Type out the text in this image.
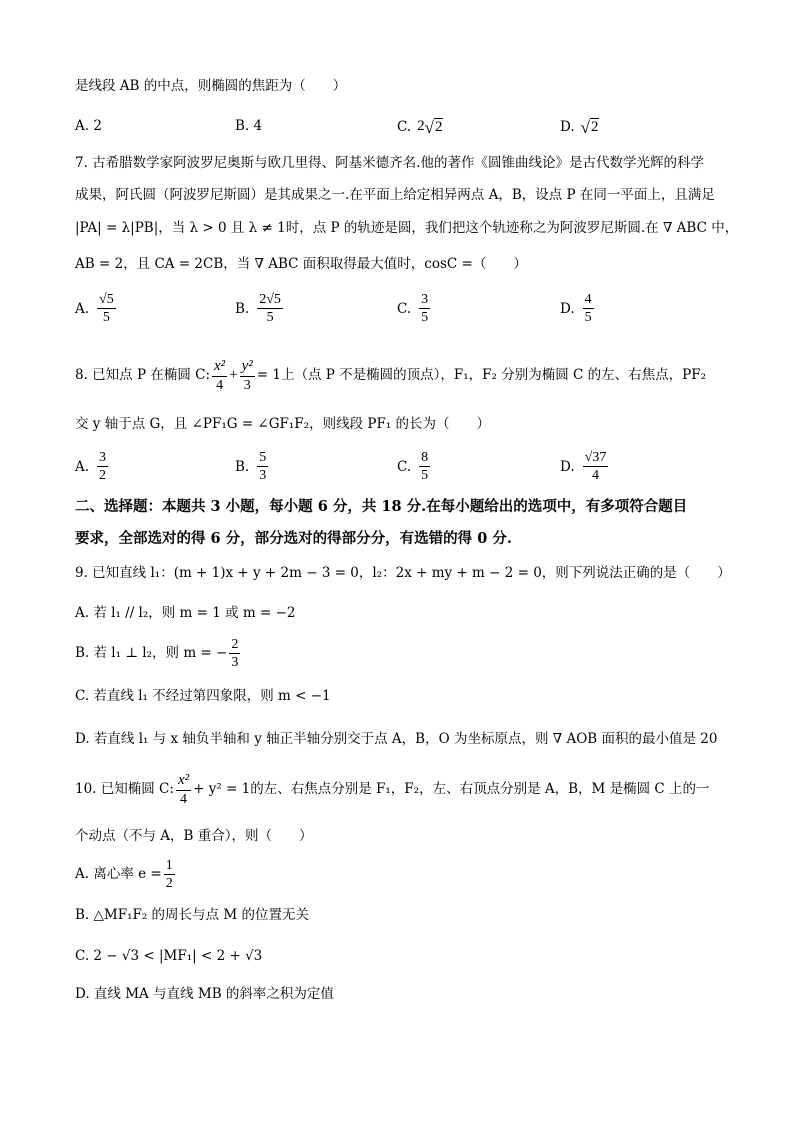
是线段 AB 的中点，则椭圆的焦距为（　　）
A. 2	B. 4	C. 2 √ 2	D. √ 2
7. 古希腊数学家阿波罗尼奥斯与欧几里得、阿基米德齐名.他的著作《圆锥曲线论》是古代数学光辉的科学
成果，阿氏圆（阿波罗尼斯圆）是其成果之一.在平面上给定相异两点 A，B，设点 P 在同一平面上，且满足
|PA| = λ|PB|，当 λ > 0 且 λ ≠ 1时，点 P 的轨迹是圆，我们把这个轨迹称之为阿波罗尼斯圆.在 ∇ ABC 中，
AB = 2，且 CA = 2CB，当 ∇ ABC 面积取得最大值时，cosC =（　　）
A. $\frac{√5}{5}$	B. $\frac{2√5}{5}$	C. $\frac{3}{5}$	D. $\frac{4}{5}$
8. 已知点 P 在椭圆 C: $\frac{\text{x²}}{4} + \frac{\text{y²}}{3} = 1$上（点 P 不是椭圆的顶点），F₁，F₂ 分别为椭圆 C 的左、右焦点，PF₂
交 y 轴于点 G，且 ∠PF₁G = ∠GF₁F₂，则线段 PF₁ 的长为（　　）
A. $\frac{3}{2}$	B. $\frac{5}{3}$	C. $\frac{8}{5}$	D. $\frac{√37}{4}$
二、选择题：本题共 3 小题，每小题 6 分，共 18 分.在每小题给出的选项中，有多项符合题目
要求，全部选对的得 6 分，部分选对的得部分分，有选错的得 0 分.
9. 已知直线 l₁：(m + 1)x + y + 2m − 3 = 0，l₂：2x + my + m − 2 = 0，则下列说法正确的是（　　）
A. 若 l₁ // l₂，则 m = 1 或 m = −2
B. 若 l₁ ⊥ l₂，则 m = − $\frac{2}{3}$
C. 若直线 l₁ 不经过第四象限，则 m < −1
D. 若直线 l₁ 与 x 轴负半轴和 y 轴正半轴分别交于点 A，B，O 为坐标原点，则 ∇ AOB 面积的最小值是 20
10. 已知椭圆 C: $\frac{\text{x²}}{4} + y^2 = 1$的左、右焦点分别是 F₁，F₂，左、右顶点分别是 A，B，M 是椭圆 C 上的一
个动点（不与 A，B 重合），则（　　）
A. 离心率 $e = \frac{1}{2}$
B. △MF₁F₂ 的周长与点 M 的位置无关
C. 2 − √3 < |MF₁| < 2 + √3
D. 直线 MA 与直线 MB 的斜率之积为定值
